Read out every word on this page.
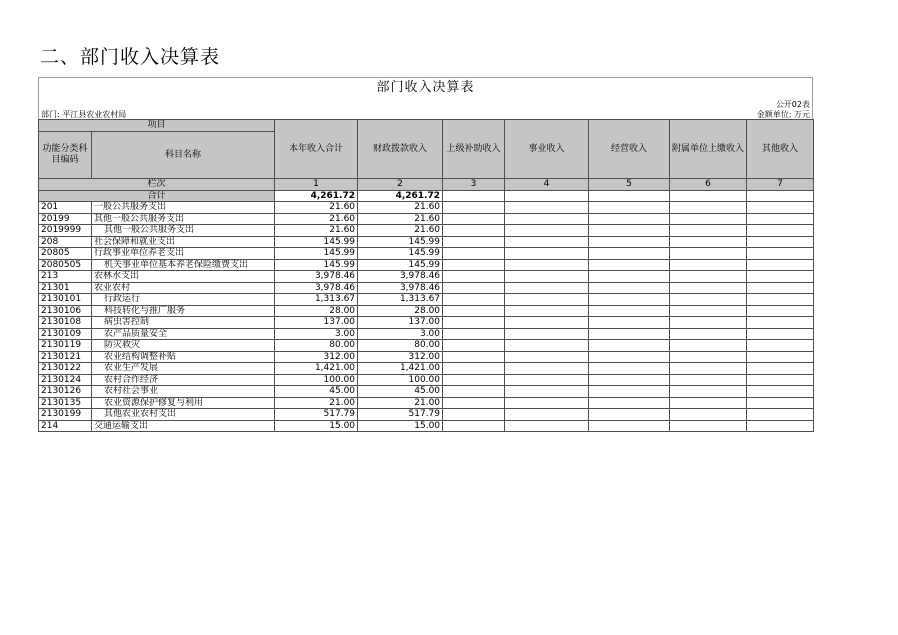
二、部门收入决算表
部门收入决算表
公开02表
部门: 平江县农业农村局	金额单位: 万元
项目		本年收入合计	财政拨款收入	上级补助收入	事业收入	经营收入	附属单位上缴收入	其他收入
功能分类科目编码	科目名称							
栏次		1	2	3	4	5	6	7
合计		4,261.72	4,261.72					
201	一般公共服务支出	21.60	21.60					
20199	其他一般公共服务支出	21.60	21.60					
2019999	其他一般公共服务支出	21.60	21.60					
208	社会保障和就业支出	145.99	145.99					
20805	行政事业单位养老支出	145.99	145.99					
2080505	机关事业单位基本养老保险缴费支出	145.99	145.99					
213	农林水支出	3,978.46	3,978.46					
21301	农业农村	3,978.46	3,978.46					
2130101	行政运行	1,313.67	1,313.67					
2130106	科技转化与推广服务	28.00	28.00					
2130108	病虫害控制	137.00	137.00					
2130109	农产品质量安全	3.00	3.00					
2130119	防灾救灾	80.00	80.00					
2130121	农业结构调整补贴	312.00	312.00					
2130122	农业生产发展	1,421.00	1,421.00					
2130124	农村合作经济	100.00	100.00					
2130126	农村社会事业	45.00	45.00					
2130135	农业资源保护修复与利用	21.00	21.00					
2130199	其他农业农村支出	517.79	517.79					
214	交通运输支出	15.00	15.00					
